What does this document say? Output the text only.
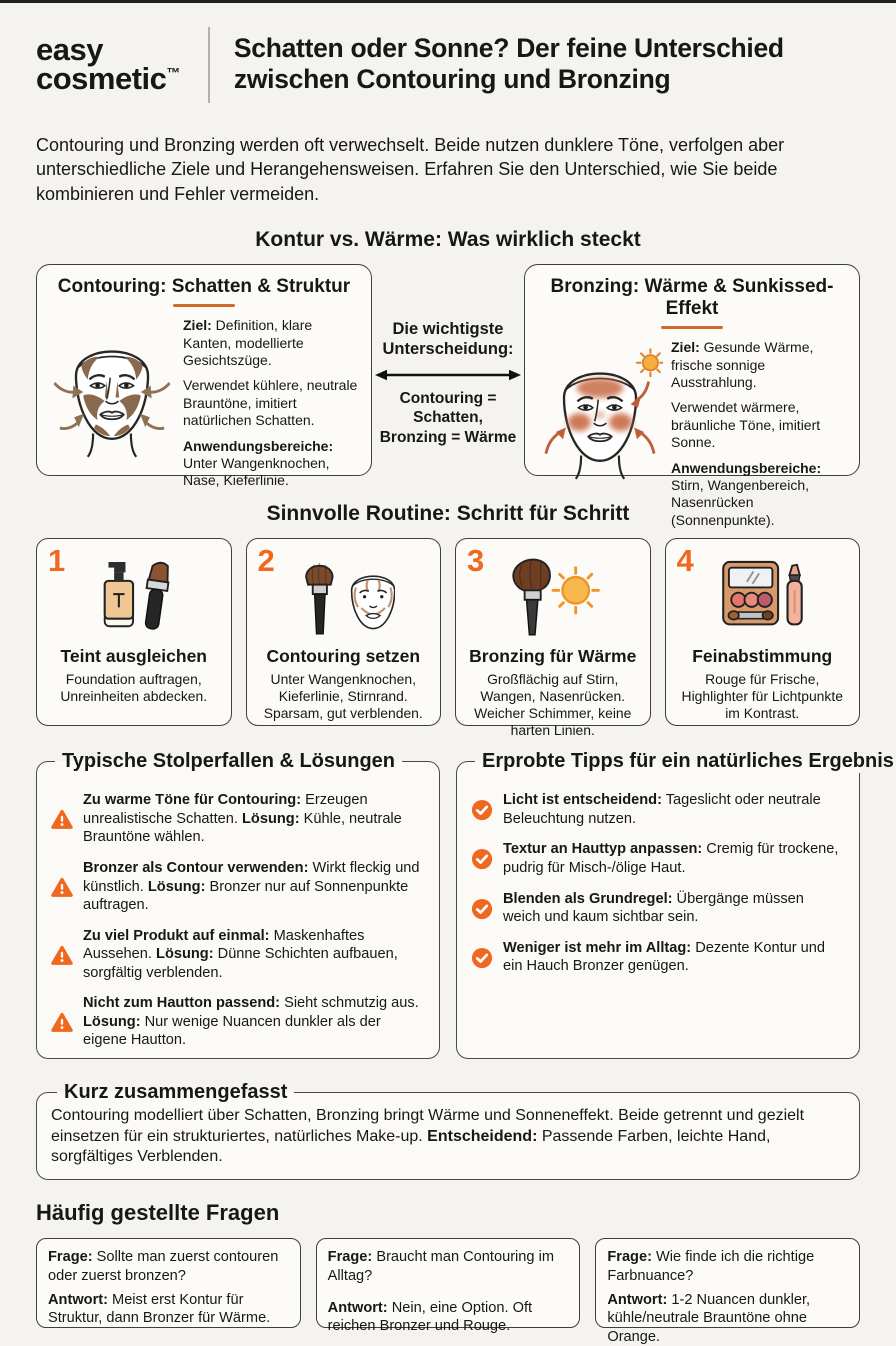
easy
cosmetic™
Schatten oder Sonne? Der feine Unterschied
zwischen Contouring und Bronzing

Contouring und Bronzing werden oft verwechselt. Beide nutzen dunklere Töne, verfolgen aber unterschiedliche Ziele und Herangehensweisen. Erfahren Sie den Unterschied, wie Sie beide kombinieren und Fehler vermeiden.

Kontur vs. Wärme: Was wirklich steckt
Contouring: Schatten & Struktur

Ziel: Definition, klare Kanten, modellierte Gesichtszüge.

Verwendet kühlere, neutrale Brauntöne, imitiert natürlichen Schatten.

Anwendungsbereiche: Unter Wangenknochen, Nase, Kieferlinie.

Die wichtigste
Unterscheidung:
Contouring = Schatten,
Bronzing = Wärme
Bronzing: Wärme & Sunkissed-Effekt

Ziel: Gesunde Wärme, frische sonnige Ausstrahlung.

Verwendet wärmere, bräunliche Töne, imitiert Sonne.

Anwendungsbereiche: Stirn, Wangenbereich, Nasenrücken (Sonnenpunkte).

Sinnvolle Routine: Schritt für Schritt
1
Teint ausgleichen
Foundation auftragen, Unreinheiten abdecken.
2
Contouring setzen
Unter Wangenknochen, Kieferlinie, Stirnrand. Sparsam, gut verblenden.
3
Bronzing für Wärme
Großflächig auf Stirn, Wangen, Nasenrücken. Weicher Schimmer, keine harten Linien.
4
Feinabstimmung
Rouge für Frische, Highlighter für Lichtpunkte im Kontrast.
Typische Stolperfallen & Lösungen
Zu warme Töne für Contouring: Erzeugen unrealistische Schatten. Lösung: Kühle, neutrale Brauntöne wählen.
Bronzer als Contour verwenden: Wirkt fleckig und künstlich. Lösung: Bronzer nur auf Sonnenpunkte auftragen.
Zu viel Produkt auf einmal: Maskenhaftes Aussehen. Lösung: Dünne Schichten aufbauen, sorgfältig verblenden.
Nicht zum Hautton passend: Sieht schmutzig aus. Lösung: Nur wenige Nuancen dunkler als der eigene Hautton.
Erprobte Tipps für ein natürliches Ergebnis
Licht ist entscheidend: Tageslicht oder neutrale Beleuchtung nutzen.
Textur an Hauttyp anpassen: Cremig für trockene, pudrig für Misch-/ölige Haut.
Blenden als Grundregel: Übergänge müssen weich und kaum sichtbar sein.
Weniger ist mehr im Alltag: Dezente Kontur und ein Hauch Bronzer genügen.
Kurz zusammengefasst
Contouring modelliert über Schatten, Bronzing bringt Wärme und Sonneneffekt. Beide getrennt und gezielt einsetzen für ein strukturiertes, natürliches Make-up. Entscheidend: Passende Farben, leichte Hand, sorgfältiges Verblenden.
Häufig gestellte Fragen
Frage: Sollte man zuerst contouren oder zuerst bronzen?
Antwort: Meist erst Kontur für Struktur, dann Bronzer für Wärme.
Frage: Braucht man Contouring im Alltag?
Antwort: Nein, eine Option. Oft reichen Bronzer und Rouge.
Frage: Wie finde ich die richtige Farbnuance?
Antwort: 1-2 Nuancen dunkler, kühle/neutrale Brauntöne ohne Orange.
